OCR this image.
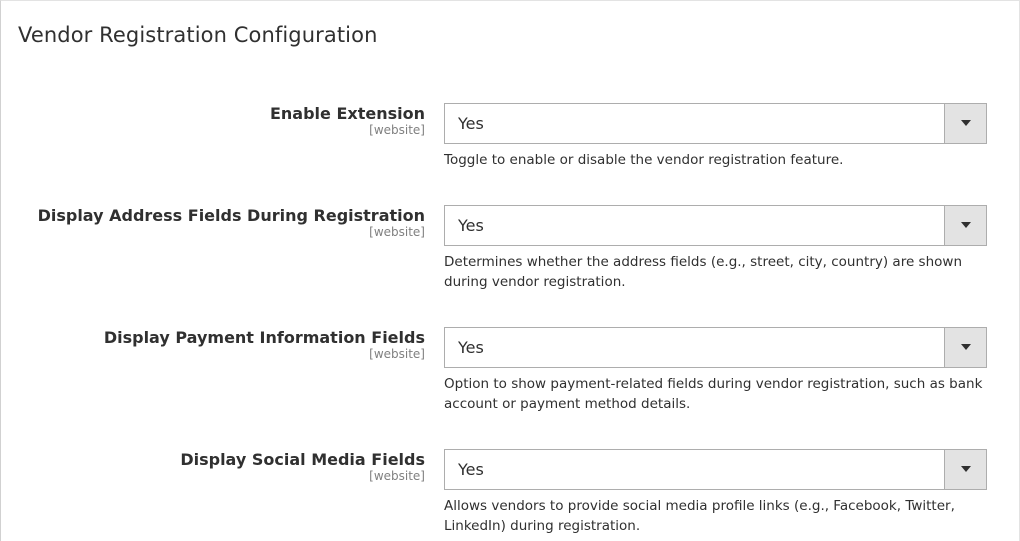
Vendor Registration Configuration
Enable Extension
[website] Yes
Toggle to enable or disable the vendor registration feature.
Display Address Fields During Registration
[website] Yes
Determines whether the address fields (e.g., street, city, country) are shown during vendor registration.
Display Payment Information Fields
[website] Yes
Option to show payment-related fields during vendor registration, such as bank account or payment method details.
Display Social Media Fields
[website] Yes
Allows vendors to provide social media profile links (e.g., Facebook, Twitter, LinkedIn) during registration.
